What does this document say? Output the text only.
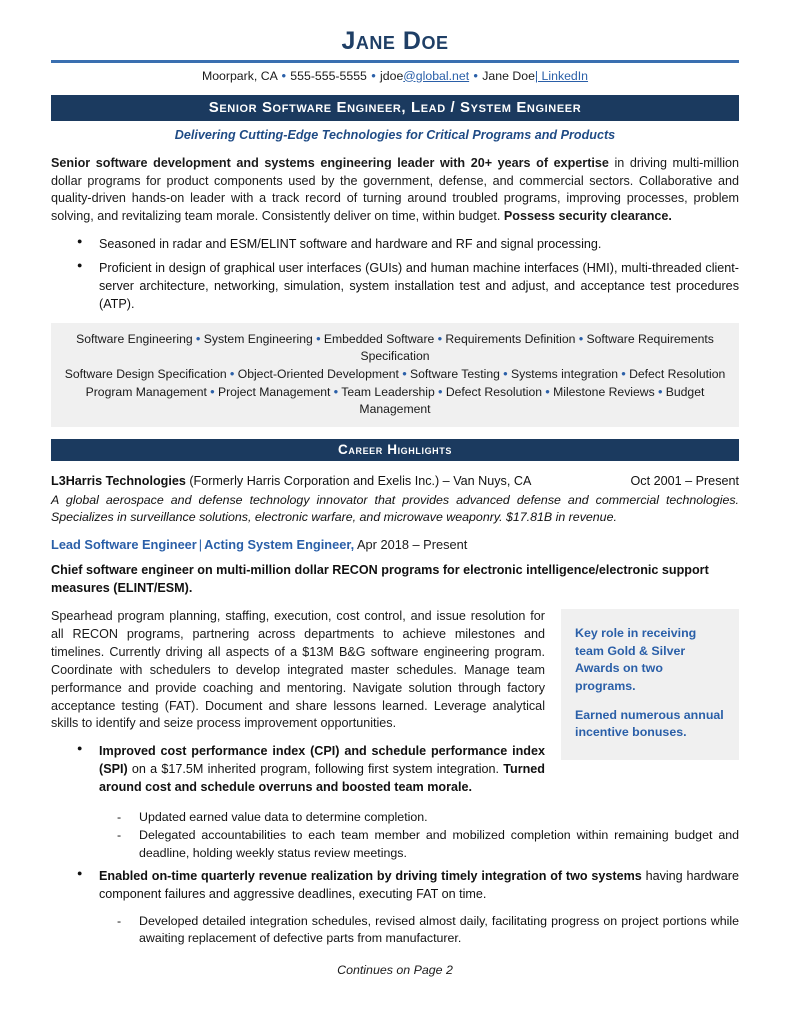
Jane Doe
Moorpark, CA • 555-555-5555 • jdoe@global.net • Jane Doe| LinkedIn
Senior Software Engineer, Lead / System Engineer
Delivering Cutting-Edge Technologies for Critical Programs and Products

Senior software development and systems engineering leader with 20+ years of expertise in driving multi-million dollar programs for product components used by the government, defense, and commercial sectors. Collaborative and quality-driven hands-on leader with a track record of turning around troubled programs, improving processes, problem solving, and revitalizing team morale. Consistently deliver on time, within budget. Possess security clearance.

● Seasoned in radar and ESM/ELINT software and hardware and RF and signal processing.
● Proficient in design of graphical user interfaces (GUIs) and human machine interfaces (HMI), multi-threaded client-server architecture, networking, simulation, system installation test and adjust, and acceptance test procedures (ATP).
Software Engineering • System Engineering • Embedded Software • Requirements Definition • Software Requirements Specification
Software Design Specification • Object-Oriented Development • Software Testing • Systems integration • Defect Resolution
Program Management • Project Management • Team Leadership • Defect Resolution • Milestone Reviews • Budget Management
Career Highlights
L3Harris Technologies (Formerly Harris Corporation and Exelis Inc.) – Van Nuys, CA	Oct 2001 – Present
A global aerospace and defense technology innovator that provides advanced defense and commercial technologies. Specializes in surveillance solutions, electronic warfare, and microwave weaponry. $17.81B in revenue.
Lead Software Engineer | Acting System Engineer, Apr 2018 – Present

Chief software engineer on multi-million dollar RECON programs for electronic intelligence/electronic support measures (ELINT/ESM).

Key role in receiving team Gold & Silver Awards on two programs.

Earned numerous annual incentive bonuses.

Spearhead program planning, staffing, execution, cost control, and issue resolution for all RECON programs, partnering across departments to achieve milestones and timelines. Currently driving all aspects of a $13M B&G software engineering program. Coordinate with schedulers to develop integrated master schedules. Manage team performance and provide coaching and mentoring. Navigate solution through factory acceptance testing (FAT). Document and share lessons learned. Leverage analytical skills to identify and seize process improvement opportunities.

● Improved cost performance index (CPI) and schedule performance index (SPI) on a $17.5M inherited program, following first system integration. Turned around cost and schedule overruns and boosted team morale.
- Updated earned value data to determine completion.
- Delegated accountabilities to each team member and mobilized completion within remaining budget and deadline, holding weekly status review meetings.
● Enabled on-time quarterly revenue realization by driving timely integration of two systems having hardware component failures and aggressive deadlines, executing FAT on time.
- Developed detailed integration schedules, revised almost daily, facilitating progress on project portions while awaiting replacement of defective parts from manufacturer.
Continues on Page 2
